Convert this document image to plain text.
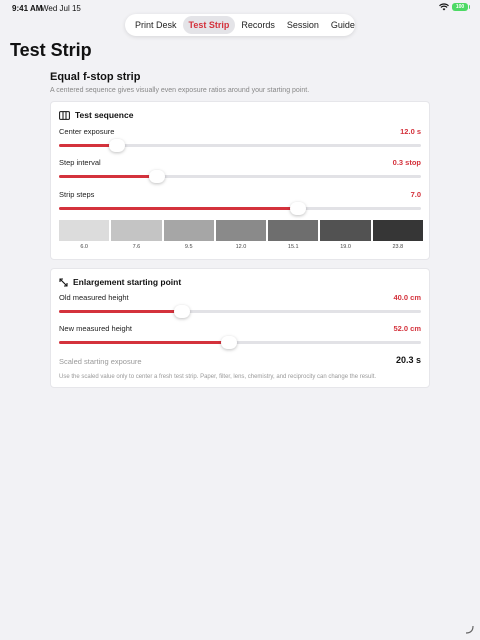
9:41 AM
Wed Jul 15	100
Print Desk	Test Strip	Records	Session	Guide
Test Strip
Equal f-stop strip
A centered sequence gives visually even exposure ratios around your starting point.
Test sequence
Center exposure	12.0 s
Step interval	0.3 stop
Strip steps	7.0
6.0	7.6	9.5	12.0	15.1	19.0	23.8
Enlargement starting point
Old measured height	40.0 cm
New measured height	52.0 cm
Scaled starting exposure	20.3 s
Use the scaled value only to center a fresh test strip. Paper, filter, lens, chemistry, and reciprocity can change the result.
